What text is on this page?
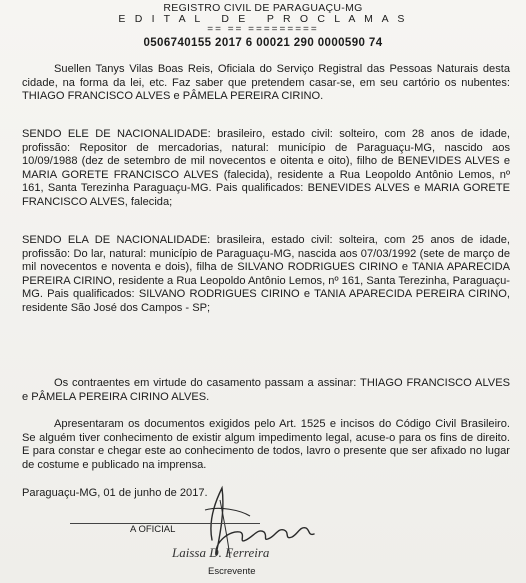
REGISTRO CIVIL DE PARAGUAÇU-MG
E D I T A L   D E   P R O C L A M A S
== == =========
0506740155 2017 6 00021 290 0000590 74
Suellen Tanys Vilas Boas Reis, Oficiala do Serviço Registral das Pessoas Naturais desta cidade, na forma da lei, etc. Faz saber que pretendem casar-se, em seu cartório os nubentes: THIAGO FRANCISCO ALVES e PÂMELA PEREIRA CIRINO.
SENDO ELE DE NACIONALIDADE: brasileiro, estado civil: solteiro, com 28 anos de idade, profissão: Repositor de mercadorias, natural: município de Paraguaçu-MG, nascido aos 10/09/1988 (dez de setembro de mil novecentos e oitenta e oito), filho de BENEVIDES ALVES e MARIA GORETE FRANCISCO ALVES (falecida), residente a Rua Leopoldo Antônio Lemos, nº 161, Santa Terezinha Paraguaçu-MG. Pais qualificados: BENEVIDES ALVES e MARIA GORETE FRANCISCO ALVES, falecida;
SENDO ELA DE NACIONALIDADE: brasileira, estado civil: solteira, com 25 anos de idade, profissão: Do lar, natural: município de Paraguaçu-MG, nascida aos 07/03/1992 (sete de março de mil novecentos e noventa e dois), filha de SILVANO RODRIGUES CIRINO e TANIA APARECIDA PEREIRA CIRINO, residente a Rua Leopoldo Antônio Lemos, nº 161, Santa Terezinha, Paraguaçu-MG. Pais qualificados: SILVANO RODRIGUES CIRINO e TANIA APARECIDA PEREIRA CIRINO, residente São José dos Campos - SP;
Os contraentes em virtude do casamento passam a assinar: THIAGO FRANCISCO ALVES e PÂMELA PEREIRA CIRINO ALVES.
Apresentaram os documentos exigidos pelo Art. 1525 e incisos do Código Civil Brasileiro. Se alguém tiver conhecimento de existir algum impedimento legal, acuse-o para os fins de direito. E para constar e chegar este ao conhecimento de todos, lavro o presente que ser afixado no lugar de costume e publicado na imprensa.
Paraguaçu-MG, 01 de junho de 2017.
A OFICIAL
Laissa D. Ferreira
Escrevente
